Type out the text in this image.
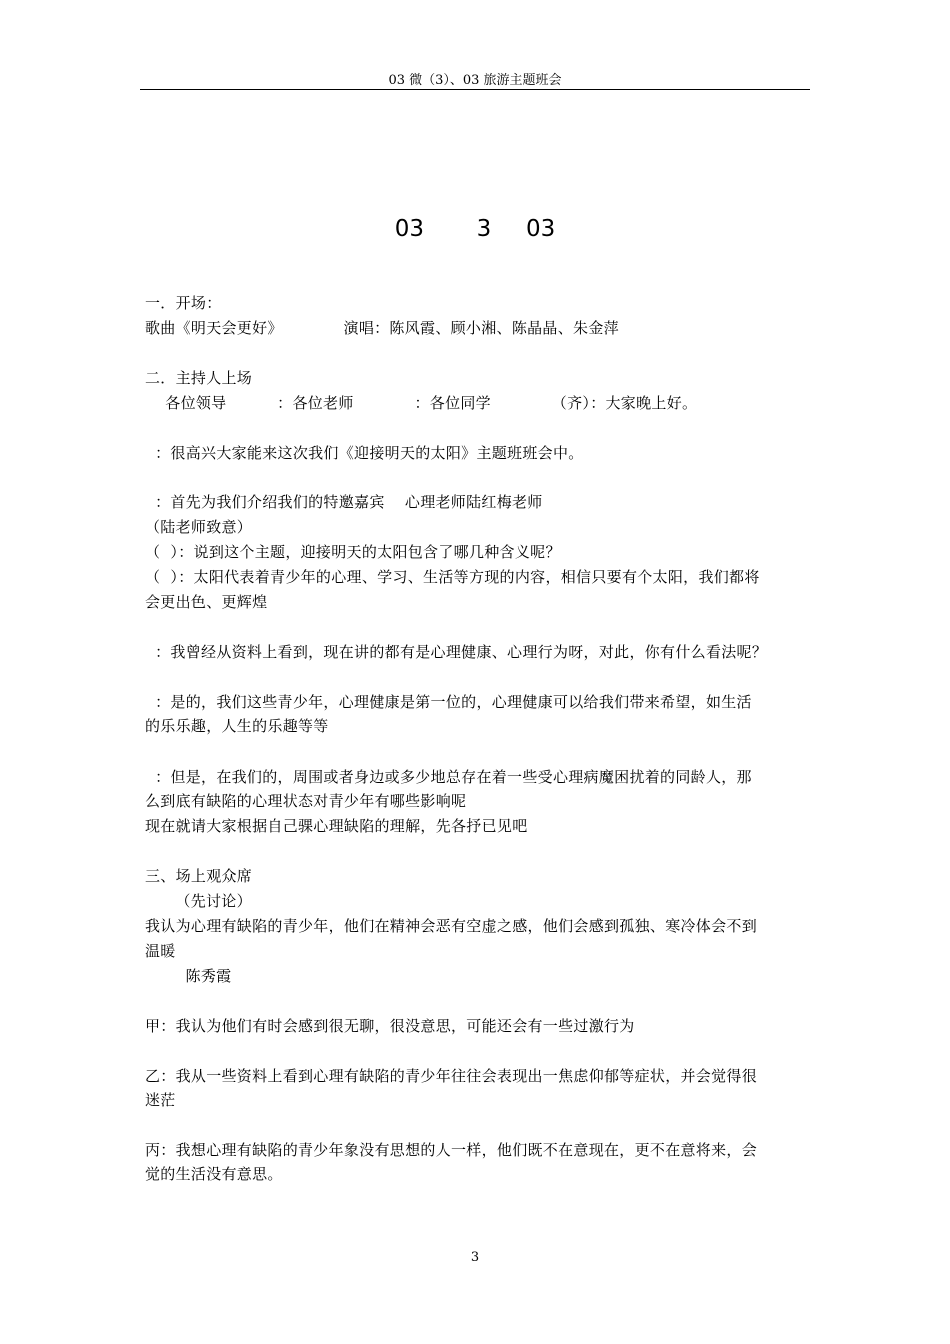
03 微（3）、03 旅游主题班会
03 3 03
一．开场：
歌曲《明天会更好》            演唱：陈风霞、顾小湘、陈晶晶、朱金萍
二．主持人上场
各位领导          ：各位老师            ：各位同学            （齐）：大家晚上好。
：很高兴大家能来这次我们《迎接明天的太阳》主题班班会中。
：首先为我们介绍我们的特邀嘉宾    心理老师陆红梅老师
（陆老师致意）
（  ）：说到这个主题，迎接明天的太阳包含了哪几种含义呢？
（  ）：太阳代表着青少年的心理、学习、生活等方现的内容，相信只要有个太阳，我们都将
会更出色、更辉煌
：我曾经从资料上看到，现在讲的都有是心理健康、心理行为呀，对此，你有什么看法呢？
：是的，我们这些青少年，心理健康是第一位的，心理健康可以给我们带来希望，如生活
的乐乐趣，人生的乐趣等等
：但是，在我们的，周围或者身边或多少地总存在着一些受心理病魔困扰着的同龄人，那
么到底有缺陷的心理状态对青少年有哪些影响呢
现在就请大家根据自己骒心理缺陷的理解，先各抒已见吧
三、场上观众席
（先讨论）
我认为心理有缺陷的青少年，他们在精神会恶有空虚之感，他们会感到孤独、寒冷体会不到
温暖
陈秀霞
甲：我认为他们有时会感到很无聊，很没意思，可能还会有一些过激行为
乙：我从一些资料上看到心理有缺陷的青少年往往会表现出一焦虑仰郁等症状，并会觉得很
迷茫
丙：我想心理有缺陷的青少年象没有思想的人一样，他们既不在意现在，更不在意将来，会
觉的生活没有意思。
3
